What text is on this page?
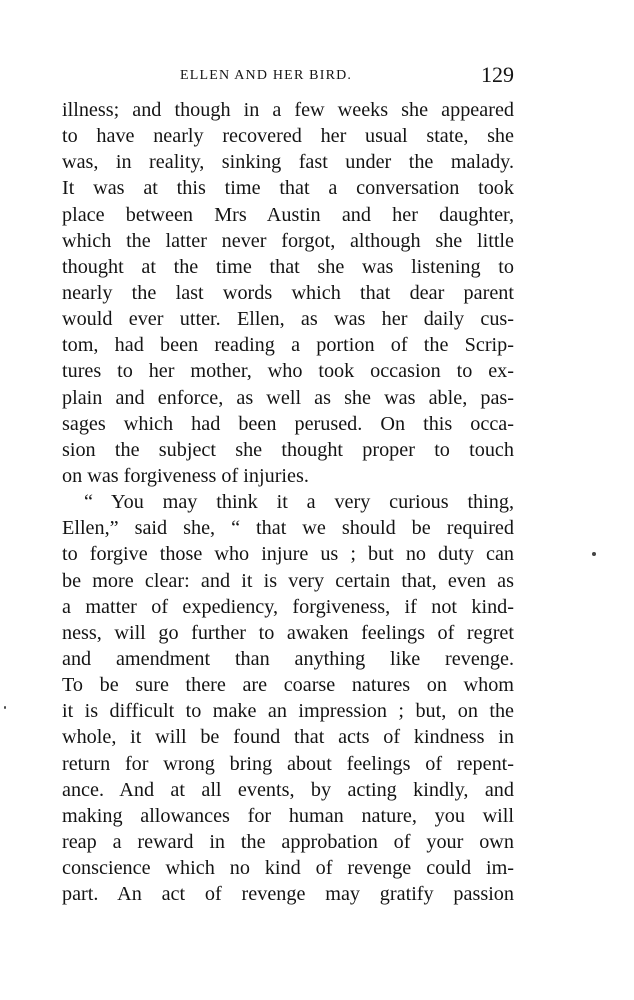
ELLEN AND HER BIRD.	129
illness; and though in a few weeks she appeared
to have nearly recovered her usual state, she
was, in reality, sinking fast under the malady.
It was at this time that a conversation took
place between Mrs Austin and her daughter,
which the latter never forgot, although she little
thought at the time that she was listening to
nearly the last words which that dear parent
would ever utter. Ellen, as was her daily cus-
tom, had been reading a portion of the Scrip-
tures to her mother, who took occasion to ex-
plain and enforce, as well as she was able, pas-
sages which had been perused. On this occa-
sion the subject she thought proper to touch
on was forgiveness of injuries.
“ You may think it a very curious thing,
Ellen,” said she, “ that we should be required
to forgive those who injure us ; but no duty can
be more clear: and it is very certain that, even as
a matter of expediency, forgiveness, if not kind-
ness, will go further to awaken feelings of regret
and amendment than anything like revenge.
To be sure there are coarse natures on whom
it is difficult to make an impression ; but, on the
whole, it will be found that acts of kindness in
return for wrong bring about feelings of repent-
ance. And at all events, by acting kindly, and
making allowances for human nature, you will
reap a reward in the approbation of your own
conscience which no kind of revenge could im-
part. An act of revenge may gratify passion
